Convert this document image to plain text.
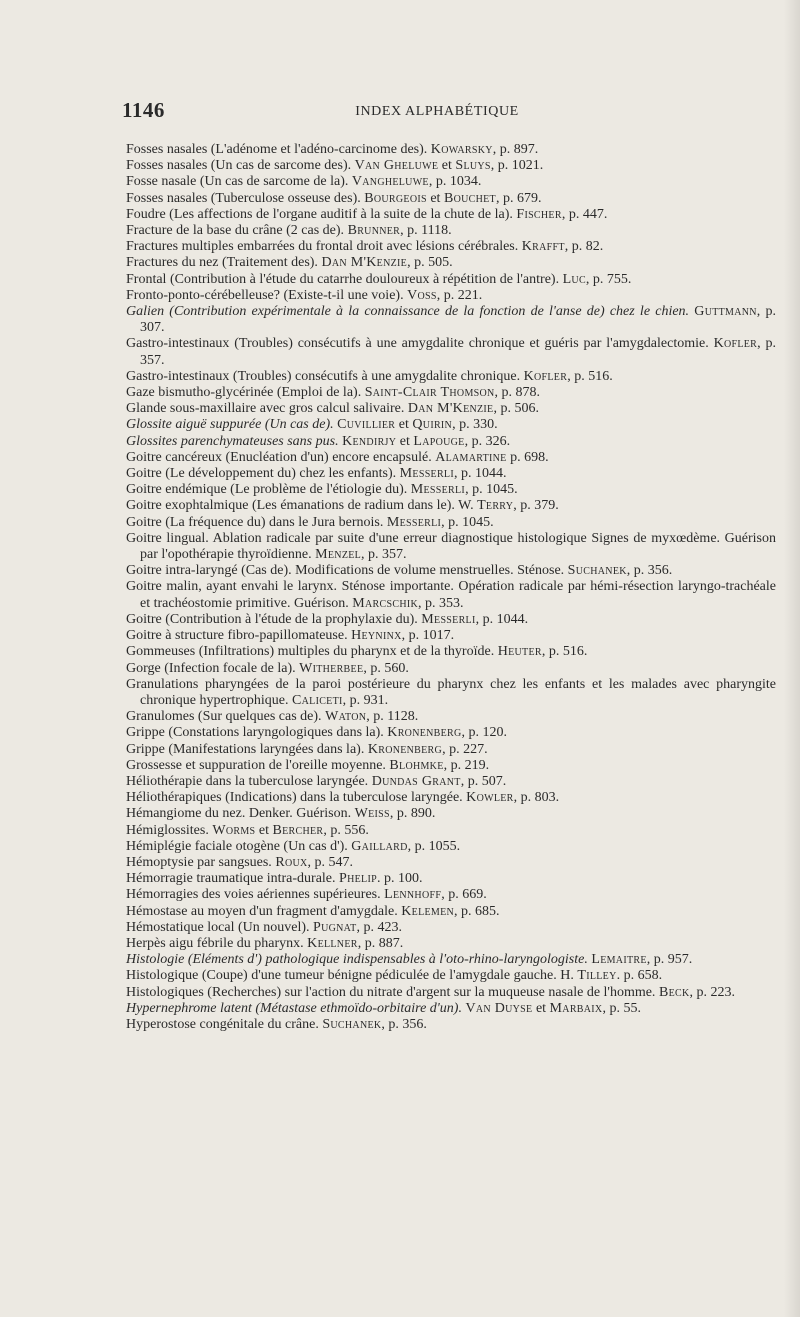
1146	INDEX ALPHABÉTIQUE
Fosses nasales (L'adénome et l'adéno-carcinome des). Kowarsky, p. 897.
Fosses nasales (Un cas de sarcome des). Van Gheluwe et Sluys, p. 1021.
Fosse nasale (Un cas de sarcome de la). Vangheluwe, p. 1034.
Fosses nasales (Tuberculose osseuse des). Bourgeois et Bouchet, p. 679.
Foudre (Les affections de l'organe auditif à la suite de la chute de la). Fischer, p. 447.
Fracture de la base du crâne (2 cas de). Brunner, p. 1118.
Fractures multiples embarrées du frontal droit avec lésions cérébrales. Krafft, p. 82.
Fractures du nez (Traitement des). Dan M'Kenzie, p. 505.
Frontal (Contribution à l'étude du catarrhe douloureux à répétition de l'antre). Luc, p. 755.
Fronto-ponto-cérébelleuse? (Existe-t-il une voie). Voss, p. 221.
Galien (Contribution expérimentale à la connaissance de la fonction de l'anse de) chez le chien. Guttmann, p. 307.
Gastro-intestinaux (Troubles) consécutifs à une amygdalite chronique et guéris par l'amygdalectomie. Kofler, p. 357.
Gastro-intestinaux (Troubles) consécutifs à une amygdalite chronique. Kofler, p. 516.
Gaze bismutho-glycérinée (Emploi de la). Saint-Clair Thomson, p. 878.
Glande sous-maxillaire avec gros calcul salivaire. Dan M'Kenzie, p. 506.
Glossite aiguë suppurée (Un cas de). Cuvillier et Quirin, p. 330.
Glossites parenchymateuses sans pus. Kendirjy et Lapouge, p. 326.
Goitre cancéreux (Enucléation d'un) encore encapsulé. Alamartine p. 698.
Goitre (Le développement du) chez les enfants). Messerli, p. 1044.
Goitre endémique (Le problème de l'étiologie du). Messerli, p. 1045.
Goitre exophtalmique (Les émanations de radium dans le). W. Terry, p. 379.
Goitre (La fréquence du) dans le Jura bernois. Messerli, p. 1045.
Goitre lingual. Ablation radicale par suite d'une erreur diagnostique histologique Signes de myxœdème. Guérison par l'opothérapie thyroïdienne. Menzel, p. 357.
Goitre intra-laryngé (Cas de). Modifications de volume menstruelles. Sténose. Suchanek, p. 356.
Goitre malin, ayant envahi le larynx. Sténose importante. Opération radicale par hémi-résection laryngo-trachéale et trachéostomie primitive. Guérison. Marcschik, p. 353.
Goitre (Contribution à l'étude de la prophylaxie du). Messerli, p. 1044.
Goitre à structure fibro-papillomateuse. Heyninx, p. 1017.
Gommeuses (Infiltrations) multiples du pharynx et de la thyroïde. Heuter, p. 516.
Gorge (Infection focale de la). Witherbee, p. 560.
Granulations pharyngées de la paroi postérieure du pharynx chez les enfants et les malades avec pharyngite chronique hypertrophique. Caliceti, p. 931.
Granulomes (Sur quelques cas de). Waton, p. 1128.
Grippe (Constations laryngologiques dans la). Kronenberg, p. 120.
Grippe (Manifestations laryngées dans la). Kronenberg, p. 227.
Grossesse et suppuration de l'oreille moyenne. Blohmke, p. 219.
Héliothérapie dans la tuberculose laryngée. Dundas Grant, p. 507.
Héliothérapiques (Indications) dans la tuberculose laryngée. Kowler, p. 803.
Hémangiome du nez. Denker. Guérison. Weiss, p. 890.
Hémiglossites. Worms et Bercher, p. 556.
Hémiplégie faciale otogène (Un cas d'). Gaillard, p. 1055.
Hémoptysie par sangsues. Roux, p. 547.
Hémorragie traumatique intra-durale. Phelip. p. 100.
Hémorragies des voies aériennes supérieures. Lennhoff, p. 669.
Hémostase au moyen d'un fragment d'amygdale. Kelemen, p. 685.
Hémostatique local (Un nouvel). Pugnat, p. 423.
Herpès aigu fébrile du pharynx. Kellner, p. 887.
Histologie (Eléments d') pathologique indispensables à l'oto-rhino-laryngologiste. Lemaitre, p. 957.
Histologique (Coupe) d'une tumeur bénigne pédiculée de l'amygdale gauche. H. Tilley. p. 658.
Histologiques (Recherches) sur l'action du nitrate d'argent sur la muqueuse nasale de l'homme. Beck, p. 223.
Hypernephrome latent (Métastase ethmoïdo-orbitaire d'un). Van Duyse et Marbaix, p. 55.
Hyperostose congénitale du crâne. Suchanek, p. 356.
